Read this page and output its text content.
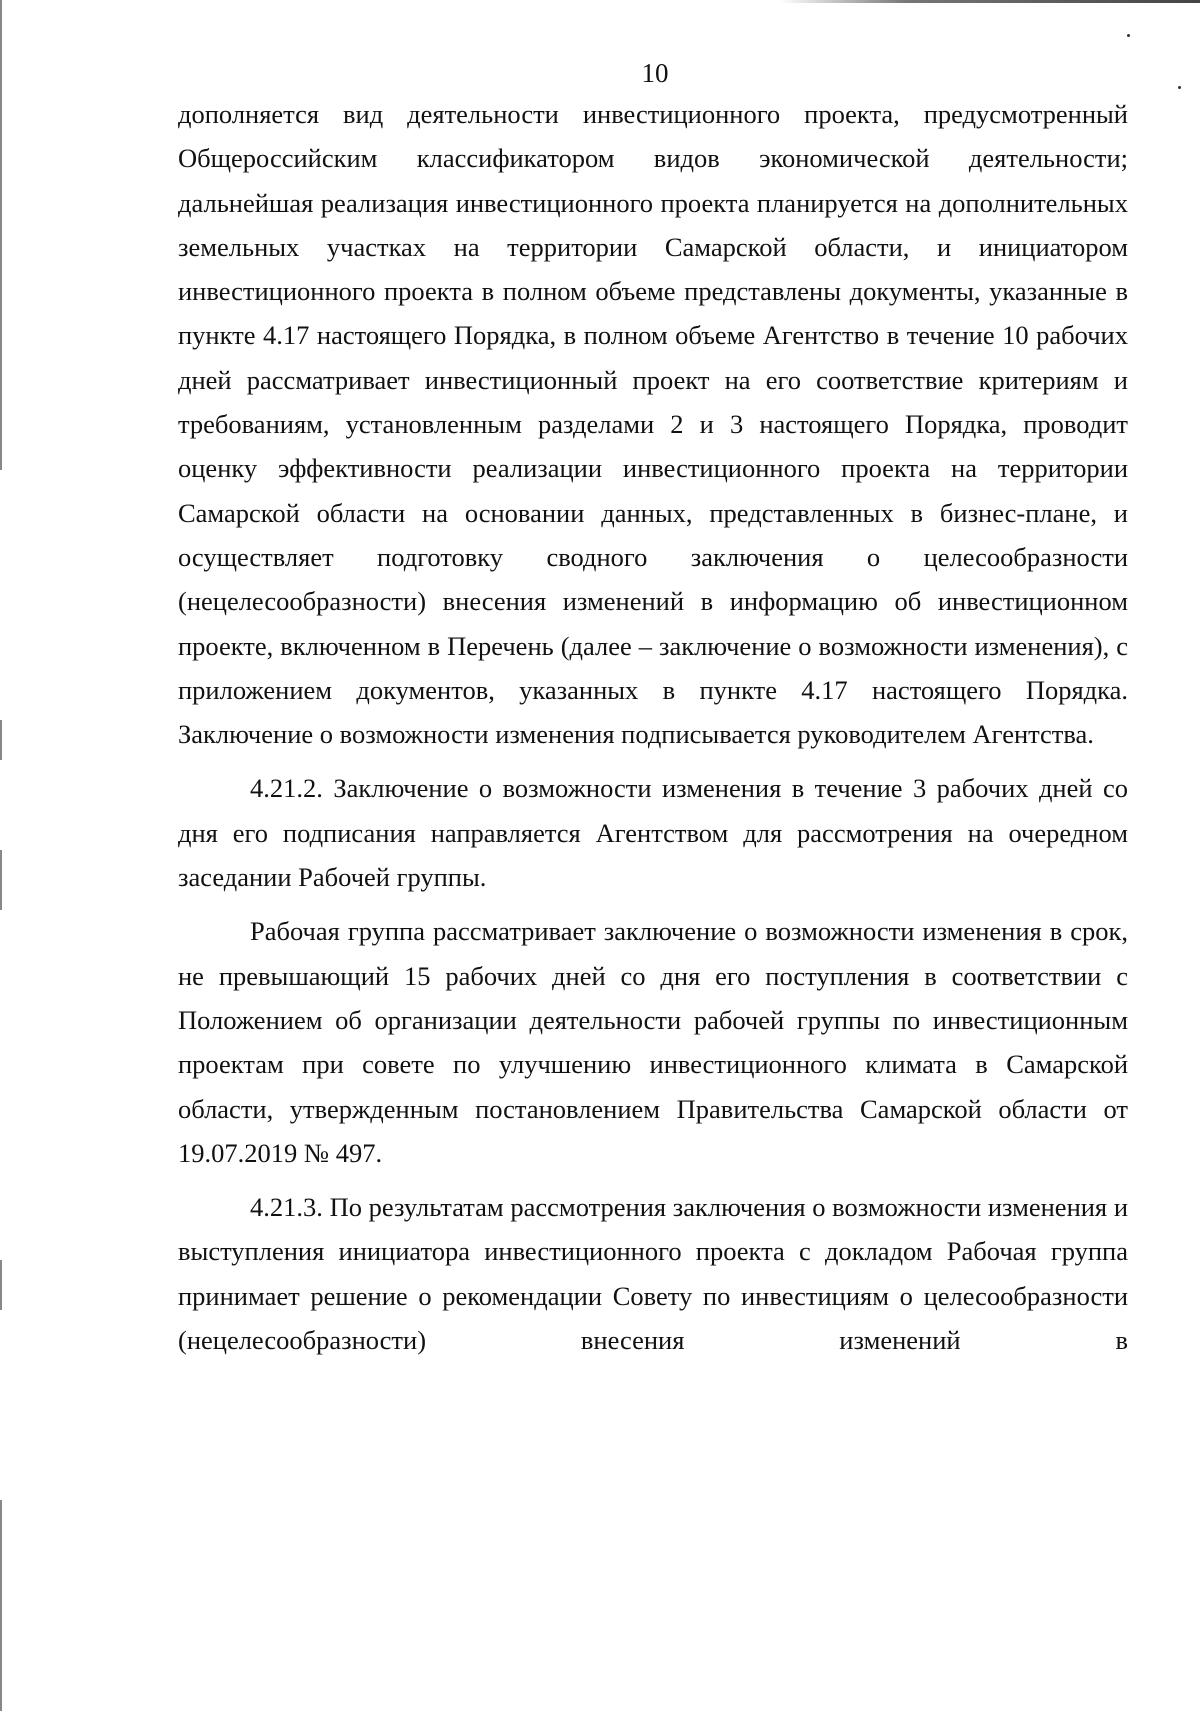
10

дополняется вид деятельности инвестиционного проекта, предусмотренный Общероссийским классификатором видов экономической деятельности; дальнейшая реализация инвестиционного проекта планируется на дополнительных земельных участках на территории Самарской области, и инициатором инвестиционного проекта в полном объеме представлены документы, указанные в пункте 4.17 настоящего Порядка, в полном объеме Агентство в течение 10 рабочих дней рассматривает инвестиционный проект на его соответствие критериям и требованиям, установленным разделами 2 и 3 настоящего Порядка, проводит оценку эффективности реализации инвестиционного проекта на территории Самарской области на основании данных, представленных в бизнес-плане, и осуществляет подготовку сводного заключения о целесообразности (нецелесообразности) внесения изменений в информацию об инвестиционном проекте, включенном в Перечень (далее – заключение о возможности изменения), с приложением документов, указанных в пункте 4.17 настоящего Порядка. Заключение о возможности изменения подписывается руководителем Агентства.

4.21.2. Заключение о возможности изменения в течение 3 рабочих дней со дня его подписания направляется Агентством для рассмотрения на очередном заседании Рабочей группы.

Рабочая группа рассматривает заключение о возможности изменения в срок, не превышающий 15 рабочих дней со дня его поступления в соответствии с Положением об организации деятельности рабочей группы по инвестиционным проектам при совете по улучшению инвестиционного климата в Самарской области, утвержденным постановлением Правительства Самарской области от 19.07.2019 № 497.

4.21.3. По результатам рассмотрения заключения о возможности изменения и выступления инициатора инвестиционного проекта с докладом Рабочая группа принимает решение о рекомендации Совету по инвестициям о целесообразности (нецелесообразности) внесения изменений в
